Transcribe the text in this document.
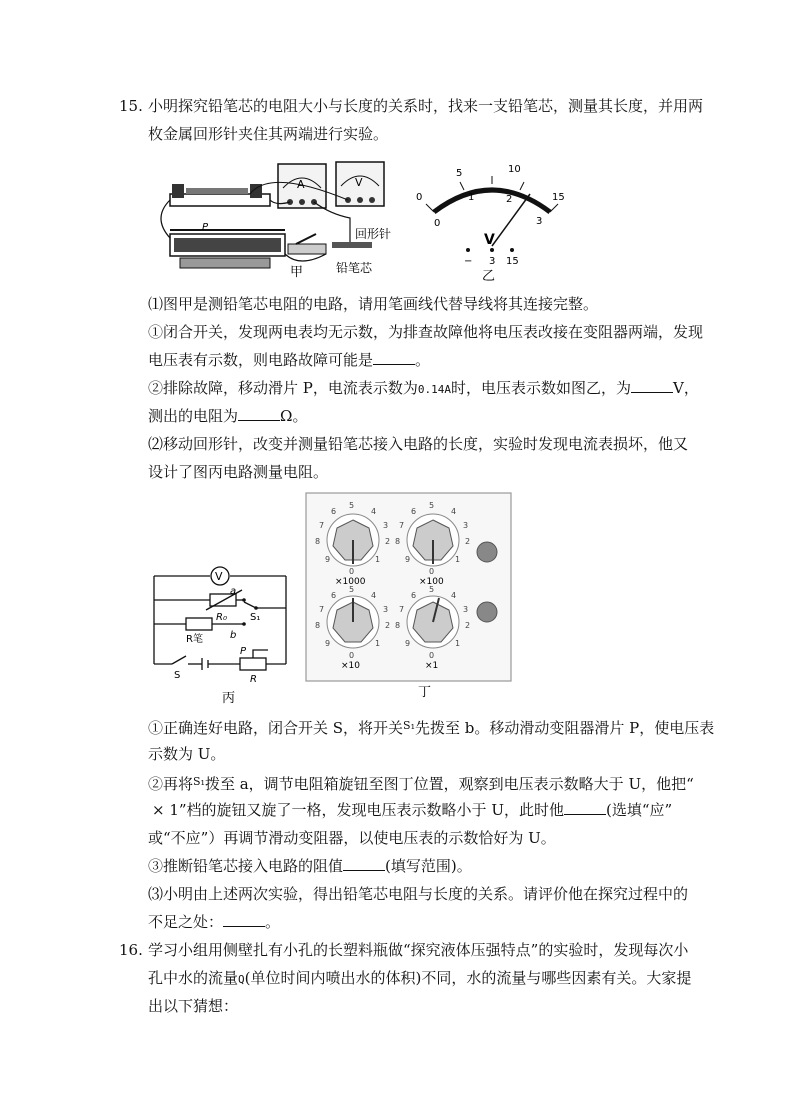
15. 小明探究铅笔芯的电阻大小与长度的关系时，找来一支铅笔芯，测量其长度，并用两
枚金属回形针夹住其两端进行实验。
P
A	V
回形针
铅笔芯
甲
0
5	10
15
0
1	2
3
V
− 3 15
乙
⑴图甲是测铅笔芯电阻的电路，请用笔画线代替导线将其连接完整。
①闭合开关，发现两电表均无示数，为排查故障他将电压表改接在变阻器两端，发现
电压表有示数，则电路故障可能是	。
②排除故障，移动滑片 P，电流表示数为0.14A时，电压表示数如图乙，为	V，
测出的电阻为	Ω。
⑵移动回形针，改变并测量铅笔芯接入电路的长度，实验时发现电流表损坏，他又
设计了图丙电路测量电阻。
V
R₀
a
b
S₁
R笔
S
P
R
丙
5
6	4
7	3
8	2
9
0
1
5
6	4
7	3
8	2
9
0
1
5
6	4
7	3
8	2
9
0
1
5
6	4
7	3
8	2
9
0
1
×1000	×100
×10	×1
丁
①正确连好电路，闭合开关 S，将开关$^{S_1}$先拨至 b。移动滑动变阻器滑片 P，使电压表
示数为 U。
②再将$^{S_1}$拨至 a，调节电阻箱旋钮至图丁位置，观察到电压表示数略大于 U，他把“
× 1”档的旋钮又旋了一格，发现电压表示数略小于 U，此时他	(选填“应”
或“不应”）再调节滑动变阻器，以使电压表的示数恰好为 U。
③推断铅笔芯接入电路的阻值	(填写范围)。
⑶小明由上述两次实验，得出铅笔芯电阻与长度的关系。请评价他在探究过程中的
不足之处：	。
16. 学习小组用侧壁扎有小孔的长塑料瓶做“探究液体压强特点”的实验时，发现每次小
孔中水的流量Q(单位时间内喷出水的体积)不同，水的流量与哪些因素有关。大家提
出以下猜想：
